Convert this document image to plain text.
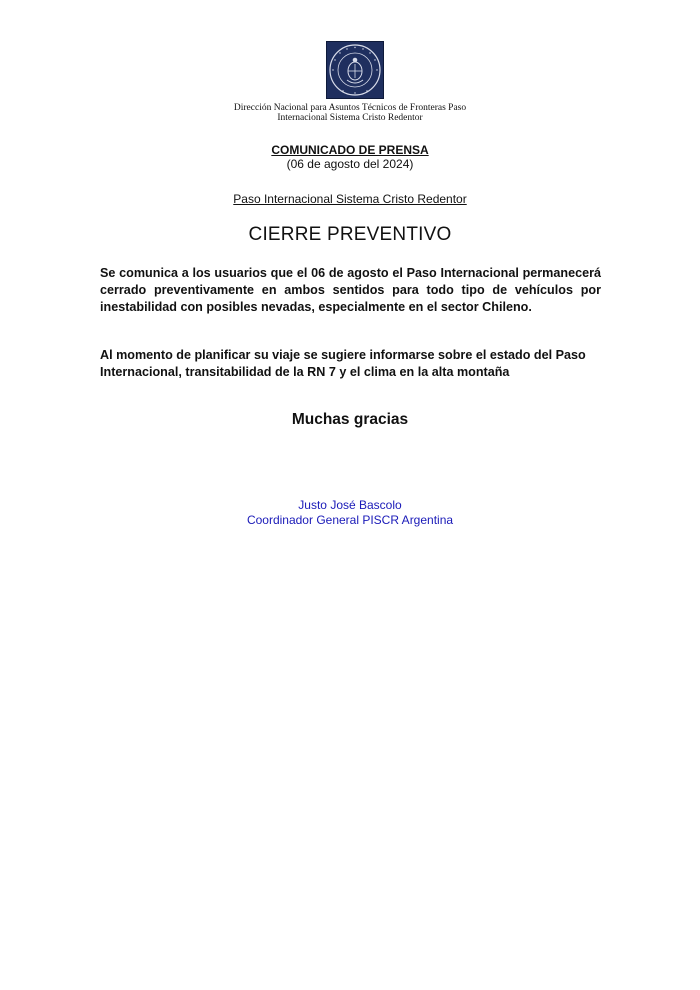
Dirección Nacional para Asuntos Técnicos de Fronteras Paso
Internacional Sistema Cristo Redentor
COMUNICADO DE PRENSA
(06 de agosto del 2024)
Paso Internacional Sistema Cristo Redentor
CIERRE PREVENTIVO
Se comunica a los usuarios que el 06 de agosto el Paso Internacional permanecerá cerrado preventivamente en ambos sentidos para todo tipo de vehículos por inestabilidad con posibles nevadas, especialmente en el sector Chileno.
Al momento de planificar su viaje se sugiere informarse sobre el estado del Paso Internacional, transitabilidad de la RN 7 y el clima en la alta montaña
Muchas gracias
Justo José Bascolo
Coordinador General PISCR Argentina
